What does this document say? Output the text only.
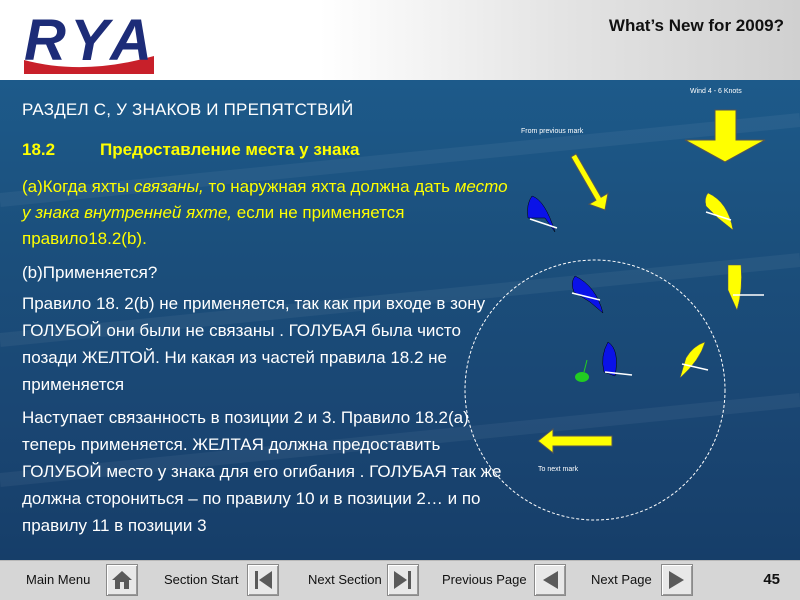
RYA	What’s New for 2009?
РАЗДЕЛ С, У ЗНАКОВ И ПРЕПЯТСТВИЙ
18.2	Предоставление места у знака
(a)Когда яхты связаны, то наружная яхта должна дать место у знака внутренней яхте, если не применяется правило18.2(b).
(b)Применяется?
Правило 18. 2(b) не применяется, так как при входе в зону ГОЛУБОЙ они были не связаны . ГОЛУБАЯ была чисто позади ЖЕЛТОЙ. Ни какая из частей правила 18.2 не применяется
Наступает связанность в позиции 2 и 3. Правило 18.2(а) теперь применяется. ЖЕЛТАЯ должна предоставить ГОЛУБОЙ место у знака для его огибания . ГОЛУБАЯ так же должна сторониться – по правилу 10 и в позиции 2… и по правилу 11 в позиции 3
Wind 4 - 6 Knots
From previous mark
To next mark
Main Menu	Section Start	Next Section	Previous Page	Next Page	45
